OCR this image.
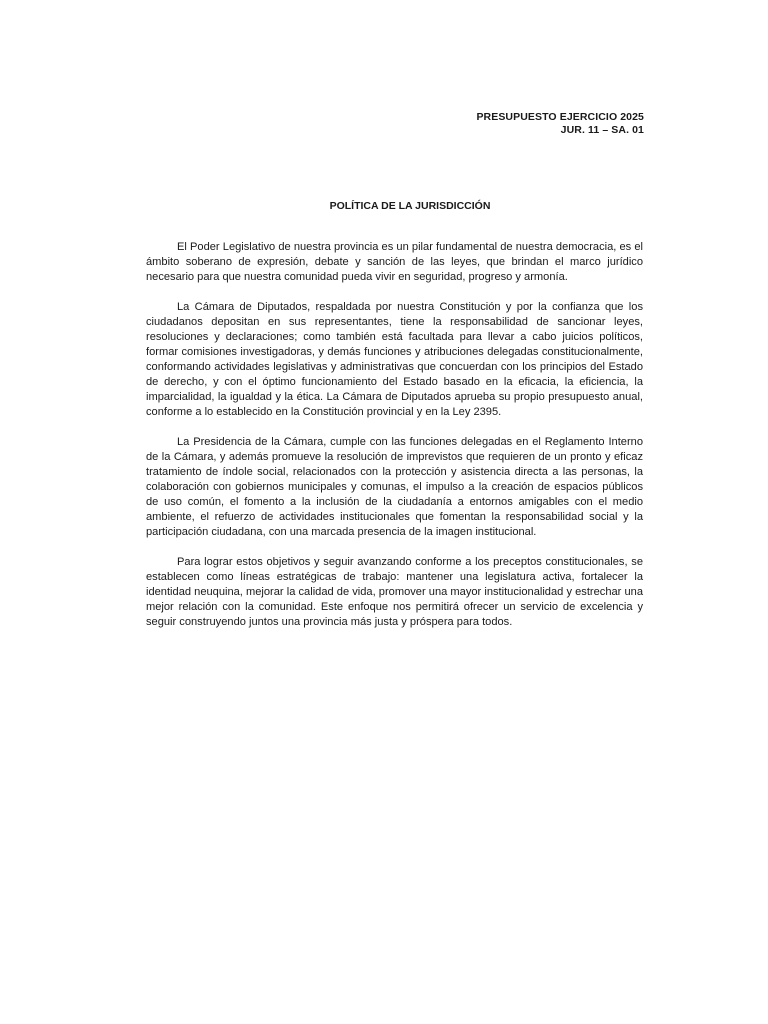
PRESUPUESTO EJERCICIO 2025
JUR. 11 – SA. 01
POLÍTICA DE LA JURISDICCIÓN

El Poder Legislativo de nuestra provincia es un pilar fundamental de nuestra democracia, es el ámbito soberano de expresión, debate y sanción de las leyes, que brindan el marco jurídico necesario para que nuestra comunidad pueda vivir en seguridad, progreso y armonía.

La Cámara de Diputados, respaldada por nuestra Constitución y por la confianza que los ciudadanos depositan en sus representantes, tiene la responsabilidad de sancionar leyes, resoluciones y declaraciones; como también está facultada para llevar a cabo juicios políticos, formar comisiones investigadoras, y demás funciones y atribuciones delegadas constitucionalmente, conformando actividades legislativas y administrativas que concuerdan con los principios del Estado de derecho, y con el óptimo funcionamiento del Estado basado en la eficacia, la eficiencia, la imparcialidad, la igualdad y la ética. La Cámara de Diputados aprueba su propio presupuesto anual, conforme a lo establecido en la Constitución provincial y en la Ley 2395.

La Presidencia de la Cámara, cumple con las funciones delegadas en el Reglamento Interno de la Cámara, y además promueve la resolución de imprevistos que requieren de un pronto y eficaz tratamiento de índole social, relacionados con la protección y asistencia directa a las personas, la colaboración con gobiernos municipales y comunas, el impulso a la creación de espacios públicos de uso común, el fomento a la inclusión de la ciudadanía a entornos amigables con el medio ambiente, el refuerzo de actividades institucionales que fomentan la responsabilidad social y la participación ciudadana, con una marcada presencia de la imagen institucional.

Para lograr estos objetivos y seguir avanzando conforme a los preceptos constitucionales, se establecen como líneas estratégicas de trabajo: mantener una legislatura activa, fortalecer la identidad neuquina, mejorar la calidad de vida, promover una mayor institucionalidad y estrechar una mejor relación con la comunidad. Este enfoque nos permitirá ofrecer un servicio de excelencia y seguir construyendo juntos una provincia más justa y próspera para todos.
